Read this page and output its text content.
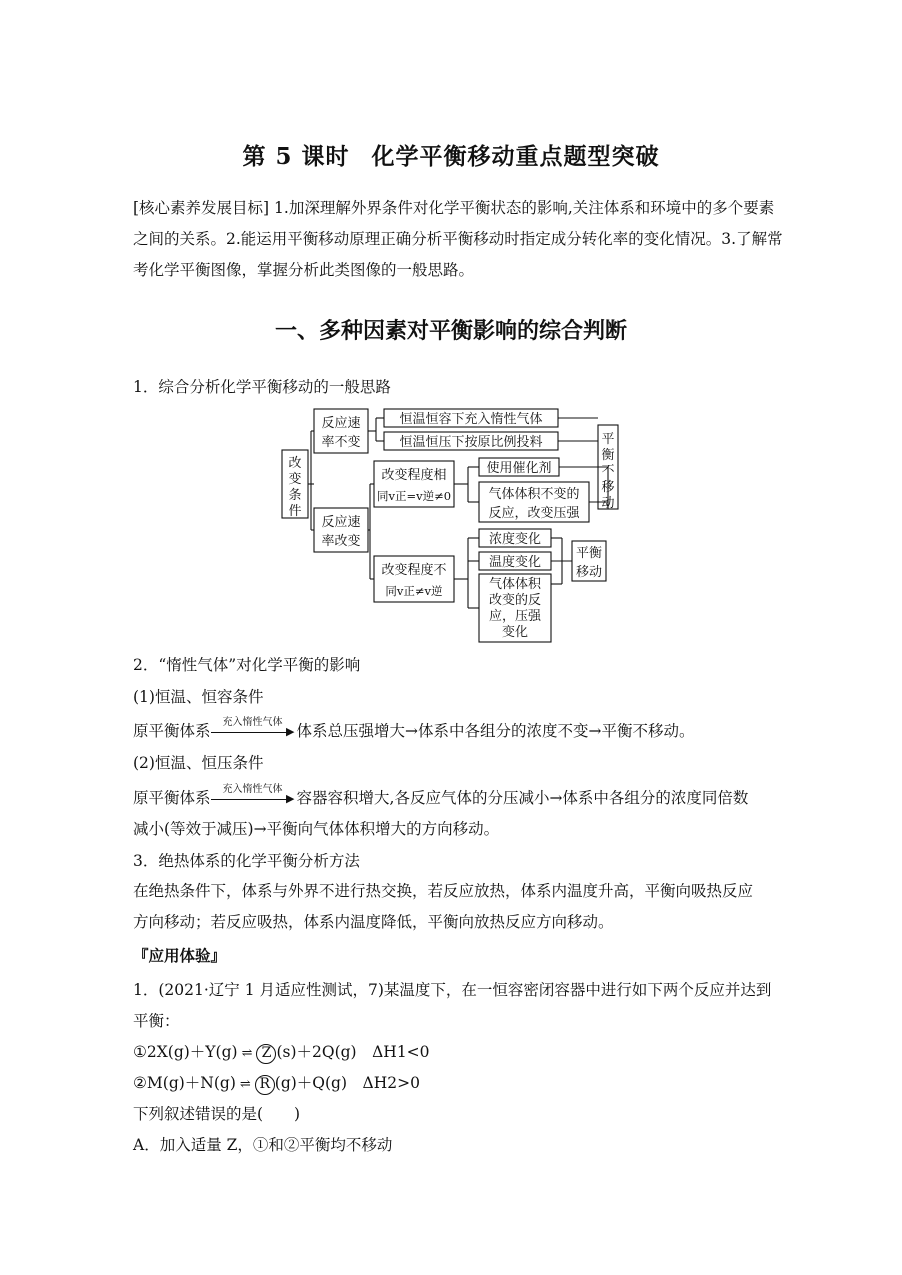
第 5 课时 化学平衡移动重点题型突破
[核心素养发展目标] 1.加深理解外界条件对化学平衡状态的影响,关注体系和环境中的多个要素之间的关系。2.能运用平衡移动原理正确分析平衡移动时指定成分转化率的变化情况。3.了解常考化学平衡图像，掌握分析此类图像的一般思路。
一、多种因素对平衡影响的综合判断
1．综合分析化学平衡移动的一般思路
改
变
条
件
反应速
率不变
反应速
率改变
恒温恒容下充入惰性气体
恒温恒压下按原比例投料	平
衡
不
移
动
改变程度相
同v正=v逆≠0
改变程度不
同v正≠v逆
使用催化剂
气体体积不变的
反应，改变压强
浓度变化
温度变化
平衡
移动
气体体积
改变的反
应，压强
变化
2．“惰性气体”对化学平衡的影响
(1)恒温、恒容条件
原平衡体系 充入惰性气体
▶ 体系总压强增大→体系中各组分的浓度不变→平衡不移动。
(2)恒温、恒压条件
原平衡体系 充入惰性气体
▶ 容器容积增大,各反应气体的分压减小→体系中各组分的浓度同倍数
减小(等效于减压)→平衡向气体体积增大的方向移动。
3．绝热体系的化学平衡分析方法
在绝热条件下，体系与外界不进行热交换，若反应放热，体系内温度升高，平衡向吸热反应
方向移动；若反应吸热，体系内温度降低，平衡向放热反应方向移动。
『应用体验』
1．(2021·辽宁 1 月适应性测试，7)某温度下，在一恒容密闭容器中进行如下两个反应并达到
平衡：
①2X(g)＋Y(g) ⇌ Z (s)＋2Q(g)　ΔH1<0
②M(g)＋N(g) ⇌ R (g)＋Q(g)　ΔH2>0
下列叙述错误的是(　　)
A．加入适量 Z，①和②平衡均不移动
